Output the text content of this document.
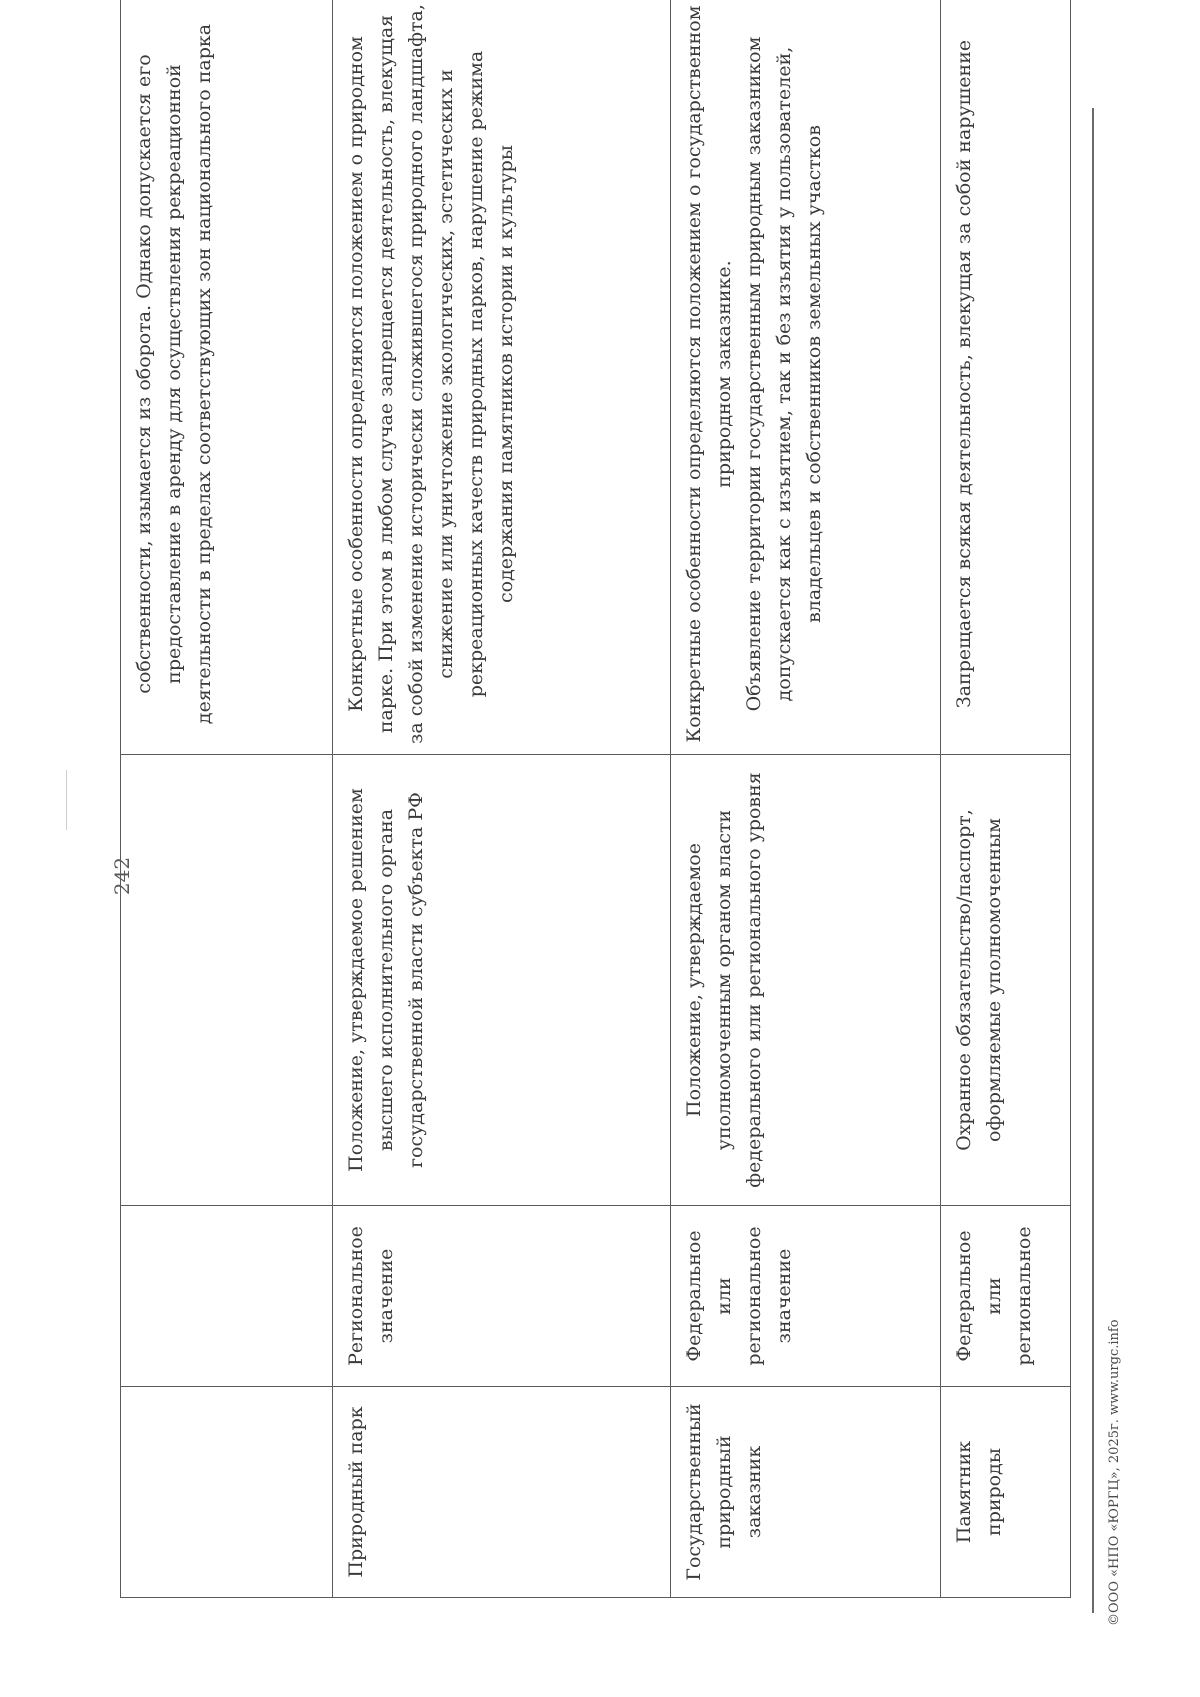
242

			собственности, изымается из оборота. Однако допускается его предоставление в аренду для осуществления рекреационной деятельности в пределах соответствующих зон национального парка

Природный парк	Региональное значение	Положение, утверждаемое решением высшего исполнительного органа государственной власти субъекта РФ	Конкретные особенности определяются положением о природном парке. При этом в любом случае запрещается деятельность, влекущая за собой изменение исторически сложившегося природного ландшафта, снижение или уничтожение экологических, эстетических и рекреационных качеств природных парков, нарушение режима содержания памятников истории и культуры

Государственный природный заказник	Федеральное или региональное значение	Положение, утверждаемое уполномоченным органом власти федерального или регионального уровня	Конкретные особенности определяются положением о государственном природном заказнике. Объявление территории государственным природным заказником допускается как с изъятием, так и без изъятия у пользователей, владельцев и собственников земельных участков

Памятник природы	Федеральное или региональное	Охранное обязательство/паспорт, оформляемые уполномоченным	Запрещается всякая деятельность, влекущая за собой нарушение
©ООО «НПО «ЮРГЦ», 2025г. www.urgc.info
